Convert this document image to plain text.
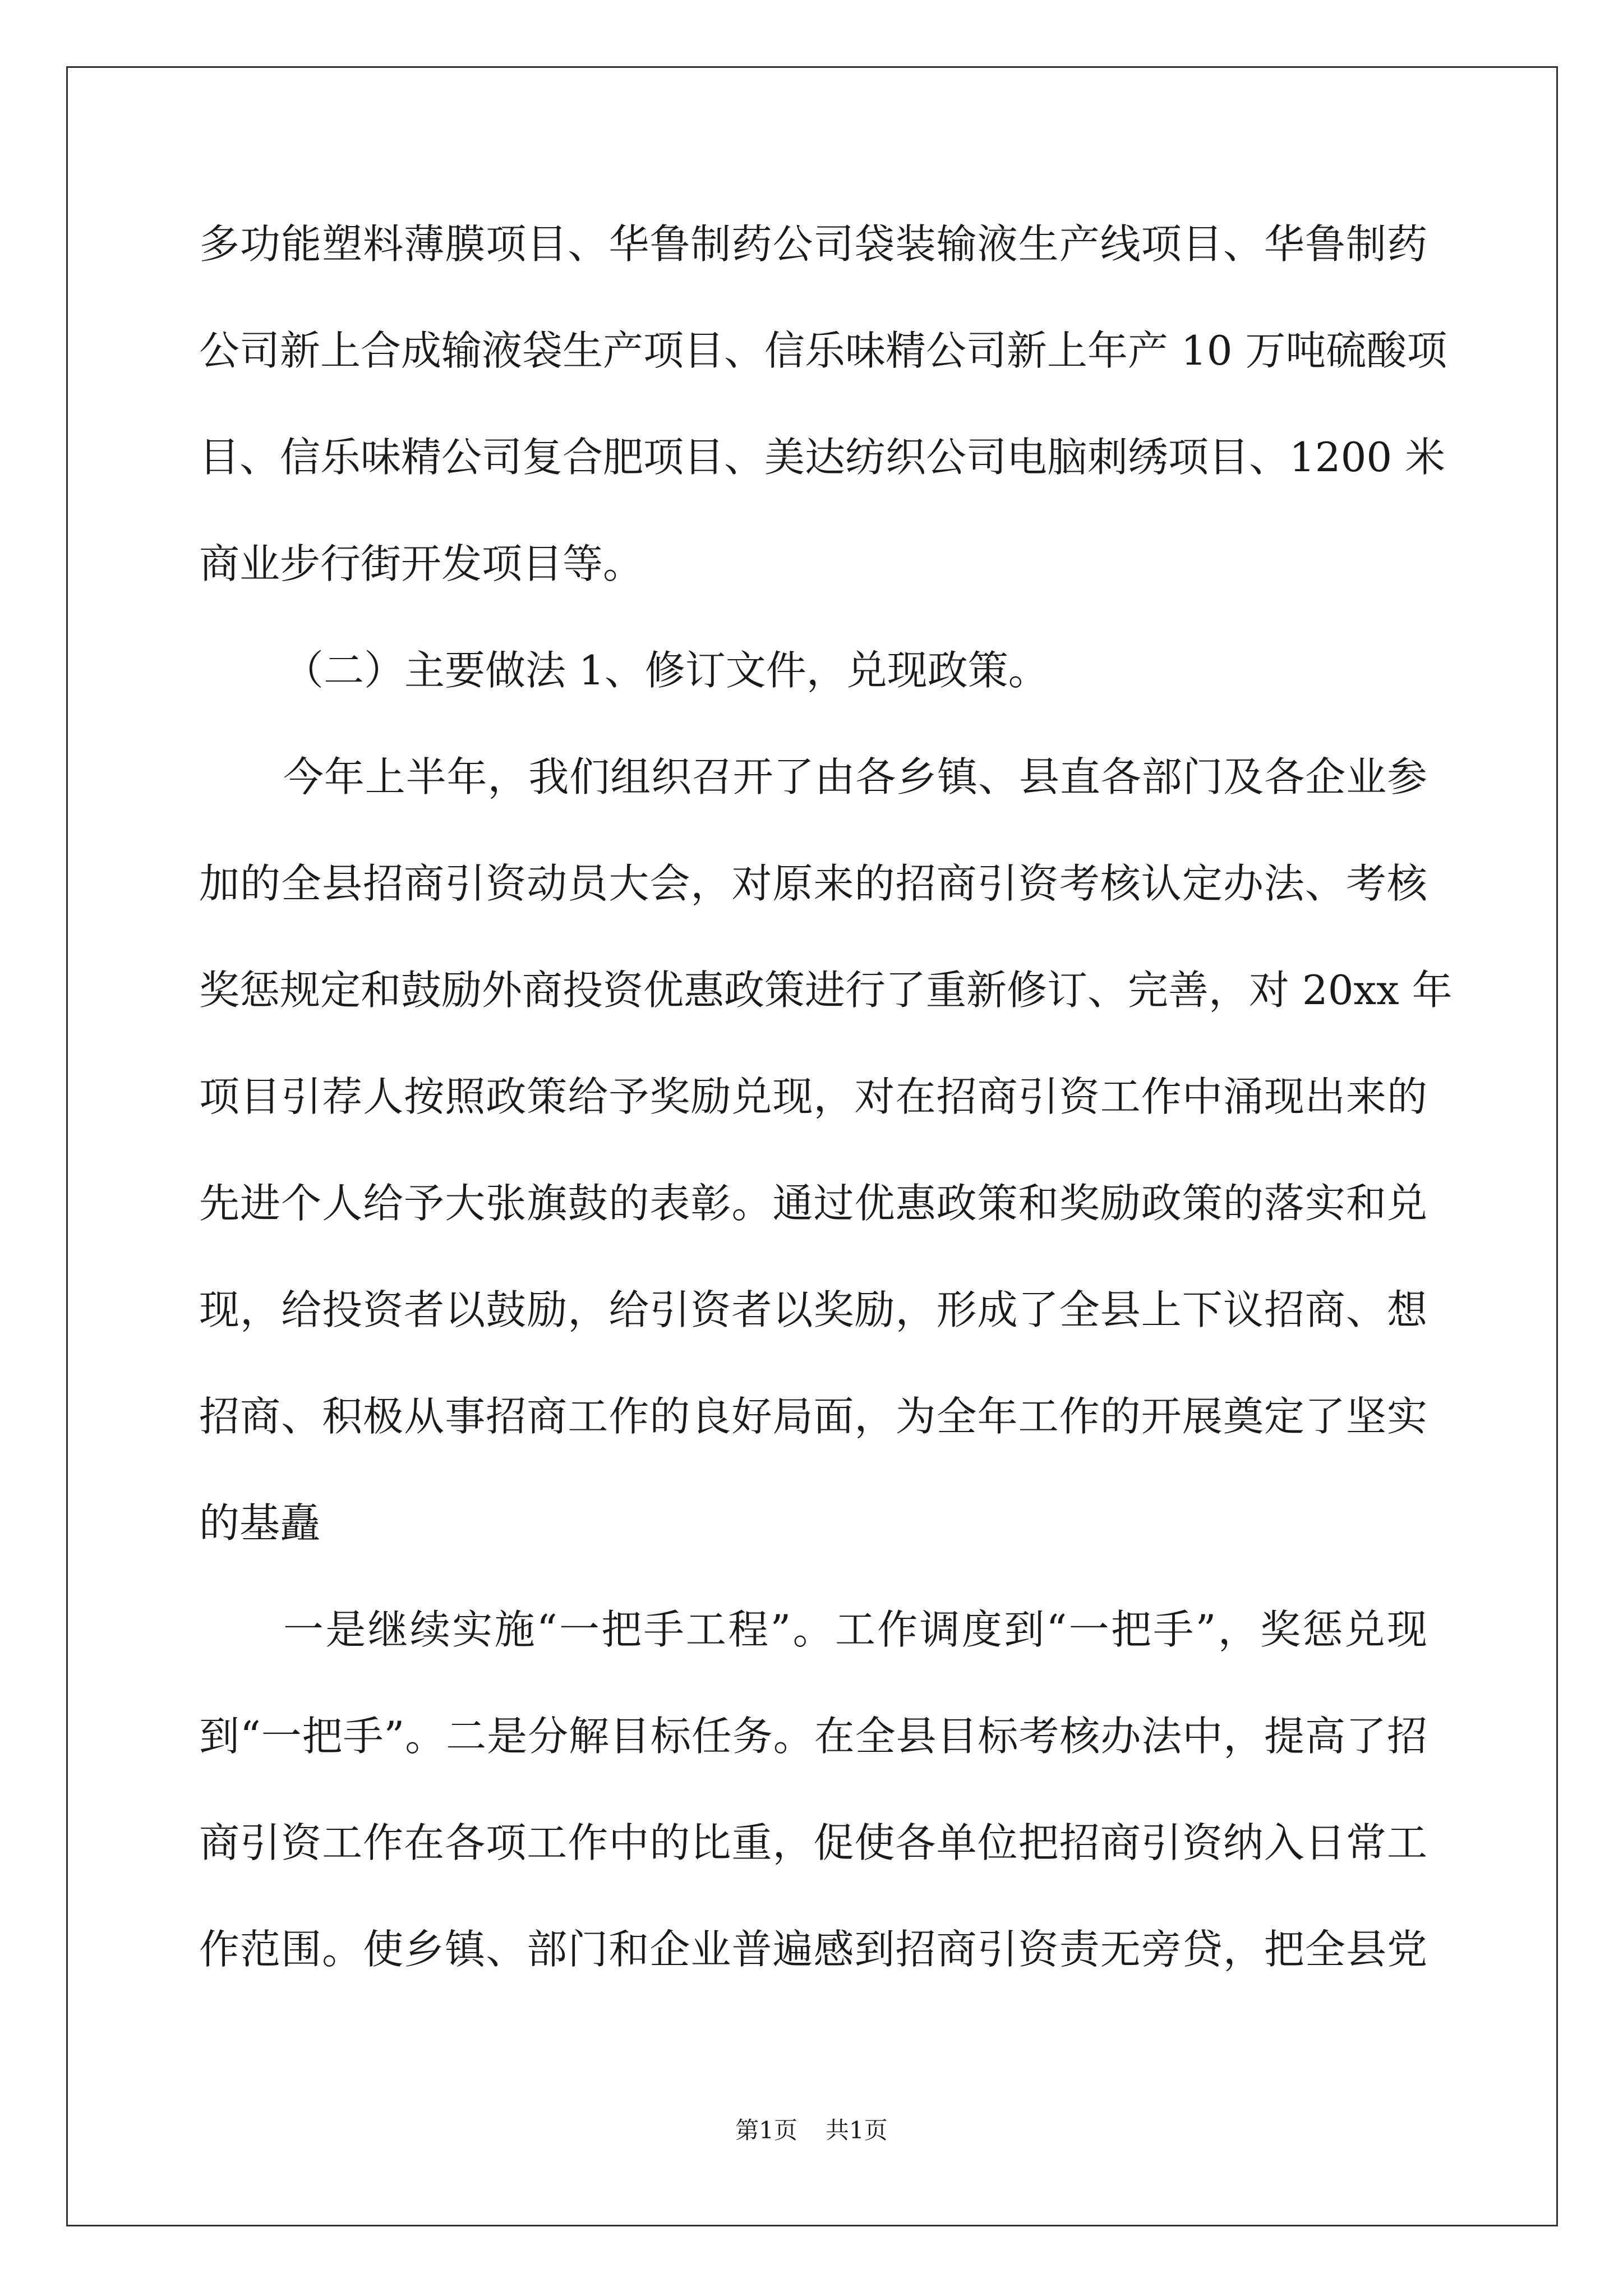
多功能塑料薄膜项目、华鲁制药公司袋装输液生产线项目、华鲁制药
公司新上合成输液袋生产项目、信乐味精公司新上年产 10 万吨硫酸项
目、信乐味精公司复合肥项目、美达纺织公司电脑刺绣项目、1200 米
商业步行街开发项目等。
（二）主要做法 1、修订文件，兑现政策。
今年上半年，我们组织召开了由各乡镇、县直各部门及各企业参
加的全县招商引资动员大会，对原来的招商引资考核认定办法、考核
奖惩规定和鼓励外商投资优惠政策进行了重新修订、完善，对 20xx 年
项目引荐人按照政策给予奖励兑现，对在招商引资工作中涌现出来的
先进个人给予大张旗鼓的表彰。通过优惠政策和奖励政策的落实和兑
现，给投资者以鼓励，给引资者以奖励，形成了全县上下议招商、想
招商、积极从事招商工作的良好局面，为全年工作的开展奠定了坚实
的基矗
一是继续实施“一把手工程”。工作调度到“一把手”，奖惩兑现
到“一把手”。二是分解目标任务。在全县目标考核办法中，提高了招
商引资工作在各项工作中的比重，促使各单位把招商引资纳入日常工
作范围。使乡镇、部门和企业普遍感到招商引资责无旁贷，把全县党
第1页 共1页
